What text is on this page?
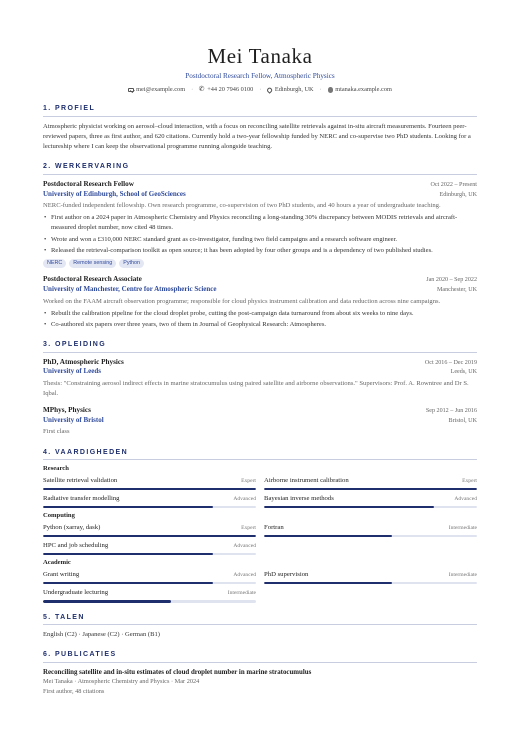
Mei Tanaka
Postdoctoral Research Fellow, Atmospheric Physics
mei@example.com ·
✆ +44 20 7946 0100 · Edinburgh, UK · mtanaka.example.com
1. PROFIEL
Atmospheric physicist working on aerosol–cloud interaction, with a focus on reconciling satellite retrievals against in-situ aircraft measurements. Fourteen peer-reviewed papers, three as first author, and 620 citations. Currently hold a two-year fellowship funded by NERC and co-supervise two PhD students. Looking for a lectureship where I can keep the observational programme running alongside teaching.
2. WERKERVARING
Postdoctoral Research Fellow	Oct 2022 – Present
University of Edinburgh, School of GeoSciences	Edinburgh, UK
NERC-funded independent fellowship. Own research programme, co-supervision of two PhD students, and 40 hours a year of undergraduate teaching.
• First author on a 2024 paper in Atmospheric Chemistry and Physics reconciling a long-standing 30% discrepancy between MODIS retrievals and aircraft-measured droplet number, now cited 48 times.
• Wrote and won a £310,000 NERC standard grant as co-investigator, funding two field campaigns and a research software engineer.
• Released the retrieval-comparison toolkit as open source; it has been adopted by four other groups and is a dependency of two published studies.
NERC	Remote sensing	Python
Postdoctoral Research Associate	Jan 2020 – Sep 2022
University of Manchester, Centre for Atmospheric Science	Manchester, UK
Worked on the FAAM aircraft observation programme; responsible for cloud physics instrument calibration and data reduction across nine campaigns.
• Rebuilt the calibration pipeline for the cloud droplet probe, cutting the post-campaign data turnaround from about six weeks to nine days.
• Co-authored six papers over three years, two of them in Journal of Geophysical Research: Atmospheres.
3. OPLEIDING
PhD, Atmospheric Physics	Oct 2016 – Dec 2019
University of Leeds	Leeds, UK
Thesis: "Constraining aerosol indirect effects in marine stratocumulus using paired satellite and airborne observations." Supervisors: Prof. A. Rowntree and Dr S. Iqbal.
MPhys, Physics	Sep 2012 – Jun 2016
University of Bristol	Bristol, UK
First class
4. VAARDIGHEDEN
Research
Satellite retrieval validation	Expert Airborne instrument calibration	Expert
Radiative transfer modelling	Advanced Bayesian inverse methods	Advanced
Computing
Python (xarray, dask)	Expert Fortran	Intermediate
HPC and job scheduling	Advanced
Academic
Grant writing	Advanced PhD supervision	Intermediate
Undergraduate lecturing	Intermediate
5. TALEN
English (C2) · Japanese (C2) · German (B1)
6. PUBLICATIES
Reconciling satellite and in-situ estimates of cloud droplet number in marine stratocumulus
Mei Tanaka · Atmospheric Chemistry and Physics · Mar 2024
First author, 48 citations
